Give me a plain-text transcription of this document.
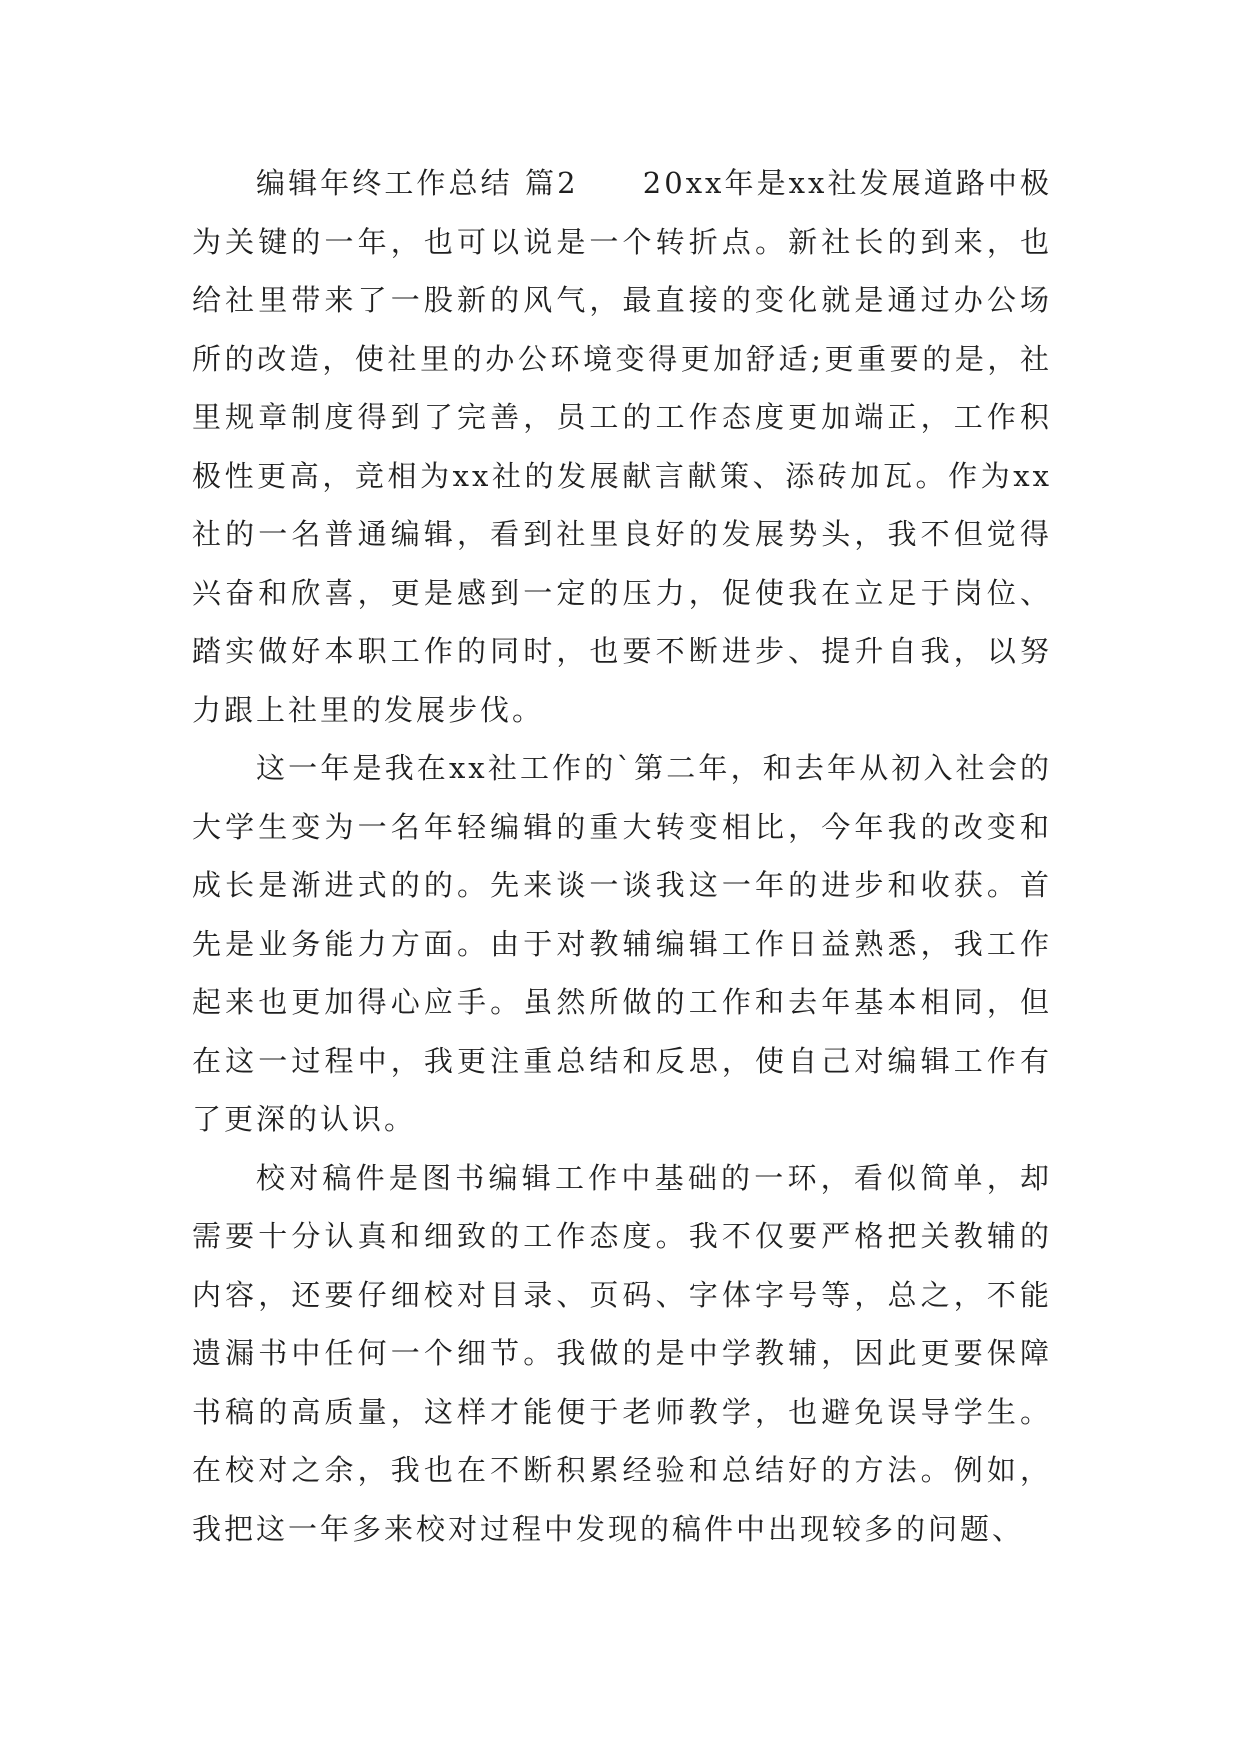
编辑年终工作总结 篇2　　20xx年是xx社发展道路中极为关键的一年，也可以说是一个转折点。新社长的到来，也给社里带来了一股新的风气，最直接的变化就是通过办公场所的改造，使社里的办公环境变得更加舒适;更重要的是，社里规章制度得到了完善，员工的工作态度更加端正，工作积极性更高，竞相为xx社的发展献言献策、添砖加瓦。作为xx社的一名普通编辑，看到社里良好的发展势头，我不但觉得兴奋和欣喜，更是感到一定的压力，促使我在立足于岗位、踏实做好本职工作的同时，也要不断进步、提升自我，以努力跟上社里的发展步伐。

这一年是我在xx社工作的`第二年，和去年从初入社会的大学生变为一名年轻编辑的重大转变相比，今年我的改变和成长是渐进式的的。先来谈一谈我这一年的进步和收获。首先是业务能力方面。由于对教辅编辑工作日益熟悉，我工作起来也更加得心应手。虽然所做的工作和去年基本相同，但在这一过程中，我更注重总结和反思，使自己对编辑工作有了更深的认识。

校对稿件是图书编辑工作中基础的一环，看似简单，却需要十分认真和细致的工作态度。我不仅要严格把关教辅的内容，还要仔细校对目录、页码、字体字号等，总之，不能遗漏书中任何一个细节。我做的是中学教辅，因此更要保障书稿的高质量，这样才能便于老师教学，也避免误导学生。在校对之余，我也在不断积累经验和总结好的方法。例如，我把这一年多来校对过程中发现的稿件中出现较多的问题、
